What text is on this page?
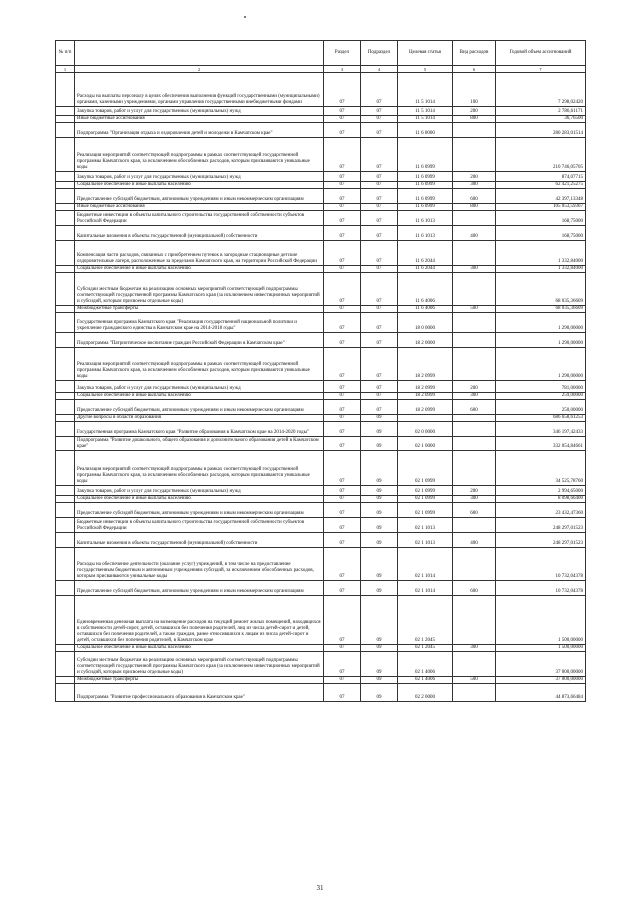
№ п/п		Раздел	Подраздел	Целевая статья	Вид расходов	Годовой объем ассигнований
1	2	3	4	5	6	7
	Расходы на выплаты персоналу в целях обеспечения выполнения функций государственными (муниципальными) органами, казенными учреждениями, органами управления государственными внебюджетными фондами	07	07	11 5 1014	100	7 298,02420
	Закупка товаров, работ и услуг для государственных (муниципальных) нужд	07	07	11 5 1014	200	2 786,61171
	Иные бюджетные ассигнования	07	07	11 5 1014	800	36,76500
	Подпрограмма "Организация отдыха и оздоровления детей и молодежи в Камчатском крае"	07	07	11 6 0000		280 283,01514
	Реализация мероприятий соответствующей подпрограммы в рамках соответствующей государственной программы Камчатского края, за исключением обособленных расходов, которым присваиваются уникальные коды	07	07	11 6 0999		210 746,05705
	Закупка товаров, работ и услуг для государственных (муниципальных) нужд	07	07	11 6 0999	200	874,07715
	Социальное обеспечение и иные выплаты населению	07	07	11 6 0999	300	62 421,25275
	Предоставление субсидий бюджетным, автономным учреждениям и иным некоммерческим организациям	07	07	11 6 0999	600	42 397,13348
	Иные бюджетные ассигнования	07	07	11 6 0999	800	105 053,59367
	Бюджетные инвестиции в объекты капитального строительства государственной собственности субъектов Российской Федерации	07	07	11 6 1013		168,75000
	Капитальные вложения в объекты государственной (муниципальной) собственности	07	07	11 6 1013	400	168,75000
	Компенсация части расходов, связанных с приобретением путевок в загородные стационарные детские оздоровительные лагеря, расположенные за пределами Камчатского края, на территории Российской Федерации	07	07	11 6 2044		1 332,84000
	Социальное обеспечение и иные выплаты населению	07	07	11 6 2044	300	1 332,84000
	Субсидии местным бюджетам на реализацию основных мероприятий соответствующей подпрограммы соответствующей государственной программы Камчатского края (за исключением инвестиционных мероприятий и субсидий, которым присвоены отдельные коды)	07	07	11 6 4006		68 035,36609
	Межбюджетные трансферты	07	07	11 6 4006	500	68 035,36609
	Государственная программа Камчатского края "Реализация государственной национальной политики и укрепление гражданского единства в Камчатском крае на 2014-2018 годы"	07	07	18 0 0000		1 290,00000
	Подпрограмма "Патриотическое воспитание граждан Российской Федерации в Камчатском крае"	07	07	18 2 0000		1 290,00000
	Реализация мероприятий соответствующей подпрограммы в рамках соответствующей государственной программы Камчатского края, за исключением обособленных расходов, которым присваиваются уникальные коды	07	07	18 2 0999		1 290,00000
	Закупка товаров, работ и услуг для государственных (муниципальных) нужд	07	07	18 2 0999	200	781,00000
	Социальное обеспечение и иные выплаты населению	07	07	18 2 0999	300	259,00000
	Предоставление субсидий бюджетным, автономным учреждениям и иным некоммерческим организациям	07	07	18 2 0999	600	250,00000
	Другие вопросы в области образования	07	09			686 658,61253
	Государственная программа Камчатского края "Развитие образования в Камчатском крае на 2014-2020 годы"	07	09	02 0 0000		346 197,42433
	Подпрограмма "Развитие дошкольного, общего образования и дополнительного образования детей в Камчатском крае"	07	09	02 1 0000		332 054,84661
	Реализация мероприятий соответствующей подпрограммы в рамках соответствующей государственной программы Камчатского края, за исключением обособленных расходов, которым присваиваются уникальные коды	07	09	02 1 0999		34 525,78760
	Закупка товаров, работ и услуг для государственных (муниципальных) нужд	07	09	02 1 0999	200	2 994,65000
	Социальное обеспечение и иные выплаты населению	07	09	02 1 0999	300	8 098,66400
	Предоставление субсидий бюджетным, автономным учреждениям и иным некоммерческим организациям	07	09	02 1 0999	600	23 432,47360
	Бюджетные инвестиции в объекты капитального строительства государственной собственности субъектов Российской Федерации	07	09	02 1 1013		248 297,01523
	Капитальные вложения в объекты государственной (муниципальной) собственности	07	09	02 1 1013	400	248 297,01523
	Расходы на обеспечение деятельности (оказание услуг) учреждений, в том числе на предоставление государственным бюджетным и автономным учреждениям субсидий, за исключением обособленных расходов, которым присваиваются уникальные коды	07	09	02 1 1014		10 732,04378
	Предоставление субсидий бюджетным, автономным учреждениям и иным некоммерческим организациям	07	09	02 1 1014	600	10 732,04378
	Единовременная денежная выплата на возмещение расходов на текущий ремонт жилых помещений, находящихся в собственности детей-сирот, детей, оставшихся без попечения родителей, лиц из числа детей-сирот и детей, оставшихся без попечения родителей, а также граждан, ранее относившихся к лицам из числа детей-сирот и детей, оставшихся без попечения родителей, в Камчатском крае	07	09	02 1 2045		1 500,00000
	Социальное обеспечение и иные выплаты населению	07	09	02 1 2045	300	1 500,00000
	Субсидии местным бюджетам на реализацию основных мероприятий соответствующей подпрограммы соответствующей государственной программы Камчатского края (за исключением инвестиционных мероприятий и субсидий, которым присвоены отдельные коды)	07	09	02 1 4006		37 000,00000
	Межбюджетные трансферты	07	09	02 1 4006	500	37 000,00000
	Подпрограмма "Развитие профессионального образования в Камчатском крае"	07	09	02 2 0000		44 873,66484
31
